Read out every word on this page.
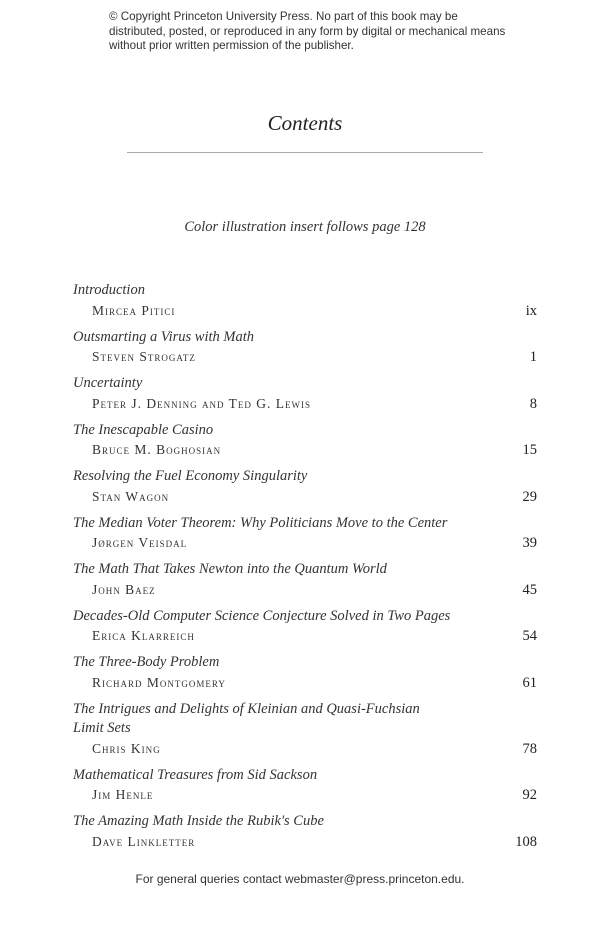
© Copyright Princeton University Press. No part of this book may be distributed, posted, or reproduced in any form by digital or mechanical means without prior written permission of the publisher.
Contents
Color illustration insert follows page 128
Introduction
Mircea Pitici	ix
Outsmarting a Virus with Math
Steven Strogatz	1
Uncertainty
Peter J. Denning and Ted G. Lewis	8
The Inescapable Casino
Bruce M. Boghosian	15
Resolving the Fuel Economy Singularity
Stan Wagon	29
The Median Voter Theorem: Why Politicians Move to the Center
Jørgen Veisdal	39
The Math That Takes Newton into the Quantum World
John Baez	45
Decades-Old Computer Science Conjecture Solved in Two Pages
Erica Klarreich	54
The Three-Body Problem
Richard Montgomery	61
The Intrigues and Delights of Kleinian and Quasi-Fuchsian Limit Sets
Chris King	78
Mathematical Treasures from Sid Sackson
Jim Henle	92
The Amazing Math Inside the Rubik's Cube
Dave Linkletter	108
For general queries contact webmaster@press.princeton.edu.
